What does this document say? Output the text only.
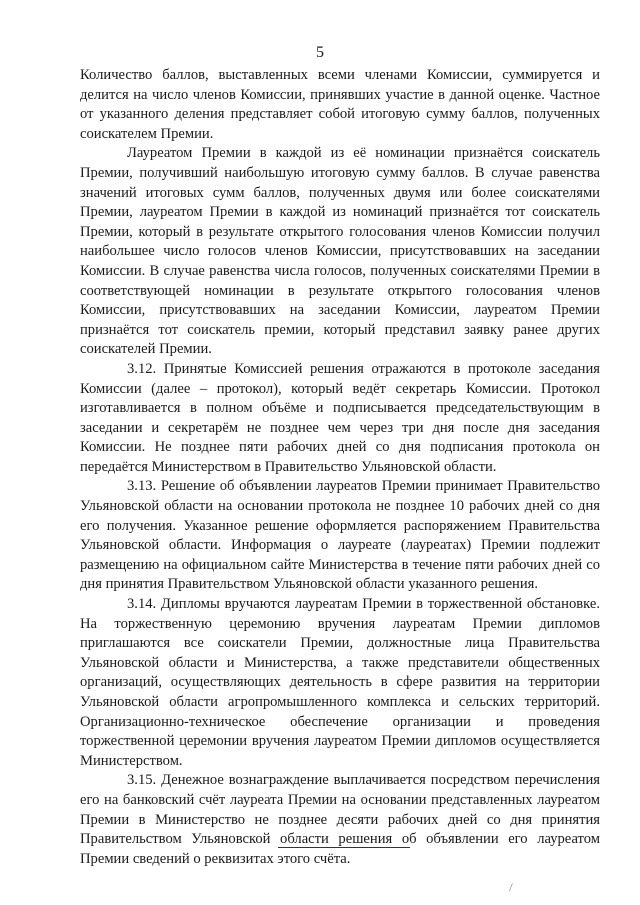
5

Количество баллов, выставленных всеми членами Комиссии, суммируется и делится на число членов Комиссии, принявших участие в данной оценке. Частное от указанного деления представляет собой итоговую сумму баллов, полученных соискателем Премии.

Лауреатом Премии в каждой из её номинации признаётся соискатель Премии, получивший наибольшую итоговую сумму баллов. В случае равенства значений итоговых сумм баллов, полученных двумя или более соискателями Премии, лауреатом Премии в каждой из номинаций признаётся тот соискатель Премии, который в результате открытого голосования членов Комиссии получил наибольшее число голосов членов Комиссии, присутствовавших на заседании Комиссии. В случае равенства числа голосов, полученных соискателями Премии в соответствующей номинации в результате открытого голосования членов Комиссии, присутствовавших на заседании Комиссии, лауреатом Премии признаётся тот соискатель премии, который представил заявку ранее других соискателей Премии.

3.12. Принятые Комиссией решения отражаются в протоколе заседания Комиссии (далее – протокол), который ведёт секретарь Комиссии. Протокол изготавливается в полном объёме и подписывается председательствующим в заседании и секретарём не позднее чем через три дня после дня заседания Комиссии. Не позднее пяти рабочих дней со дня подписания протокола он передаётся Министерством в Правительство Ульяновской области.

3.13. Решение об объявлении лауреатов Премии принимает Правительство Ульяновской области на основании протокола не позднее 10 рабочих дней со дня его получения. Указанное решение оформляется распоряжением Правительства Ульяновской области. Информация о лауреате (лауреатах) Премии подлежит размещению на официальном сайте Министерства в течение пяти рабочих дней со дня принятия Правительством Ульяновской области указанного решения.

3.14. Дипломы вручаются лауреатам Премии в торжественной обстановке. На торжественную церемонию вручения лауреатам Премии дипломов приглашаются все соискатели Премии, должностные лица Правительства Ульяновской области и Министерства, а также представители общественных организаций, осуществляющих деятельность в сфере развития на территории Ульяновской области агропромышленного комплекса и сельских территорий. Организационно-техническое обеспечение организации и проведения торжественной церемонии вручения лауреатом Премии дипломов осуществляется Министерством.

3.15. Денежное вознаграждение выплачивается посредством перечисления его на банковский счёт лауреата Премии на основании представленных лауреатом Премии в Министерство не позднее десяти рабочих дней со дня принятия Правительством Ульяновской области решения об объявлении его лауреатом Премии сведений о реквизитах этого счёта.

\
